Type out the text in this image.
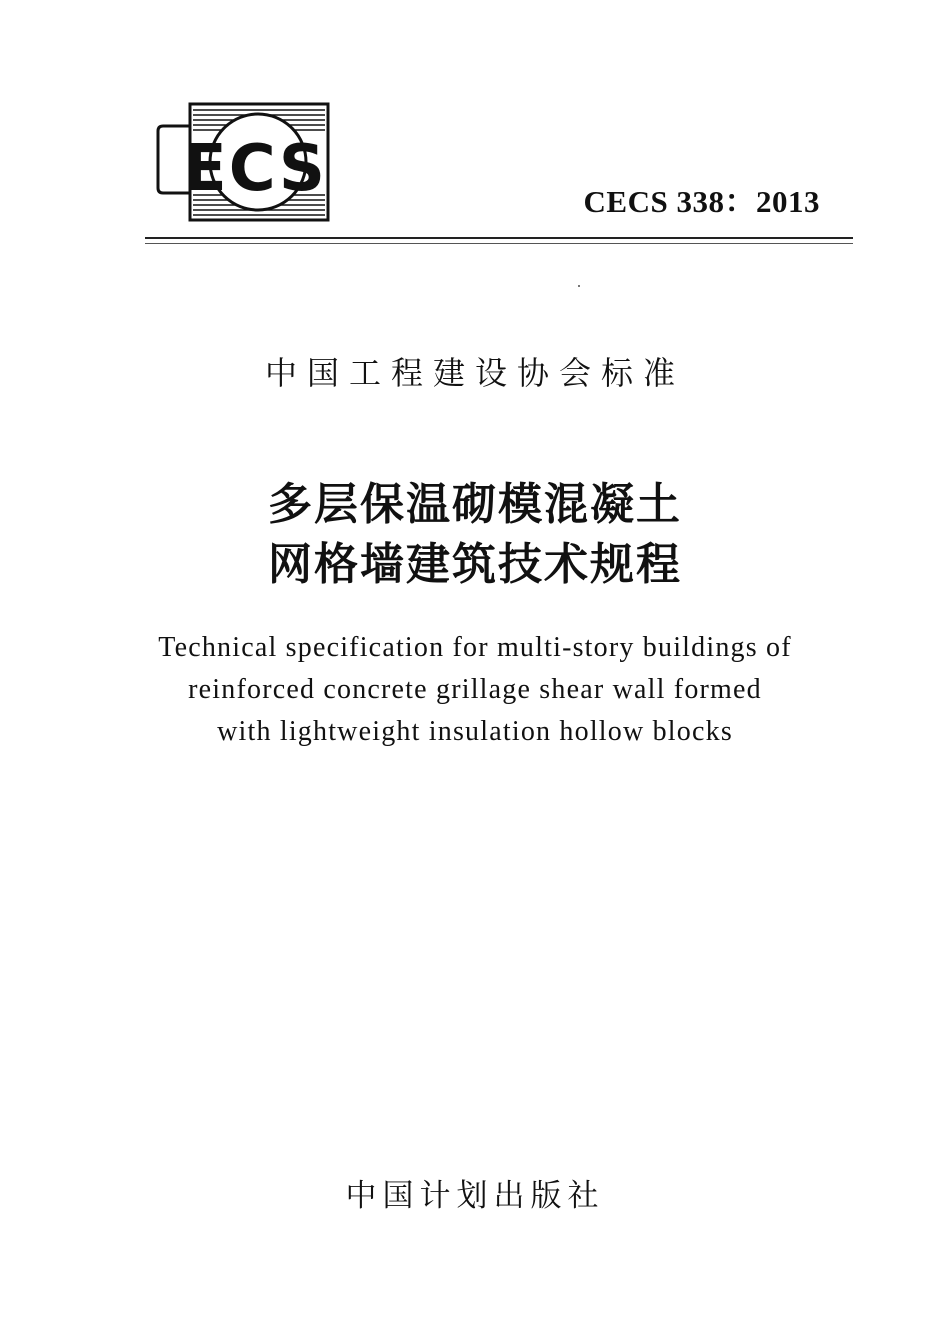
ECS	CECS 338：2013
中国工程建设协会标准
多层保温砌模混凝土
网格墙建筑技术规程
Technical specification for multi-story buildings of
reinforced concrete grillage shear wall formed
with lightweight insulation hollow blocks
中国计划出版社
